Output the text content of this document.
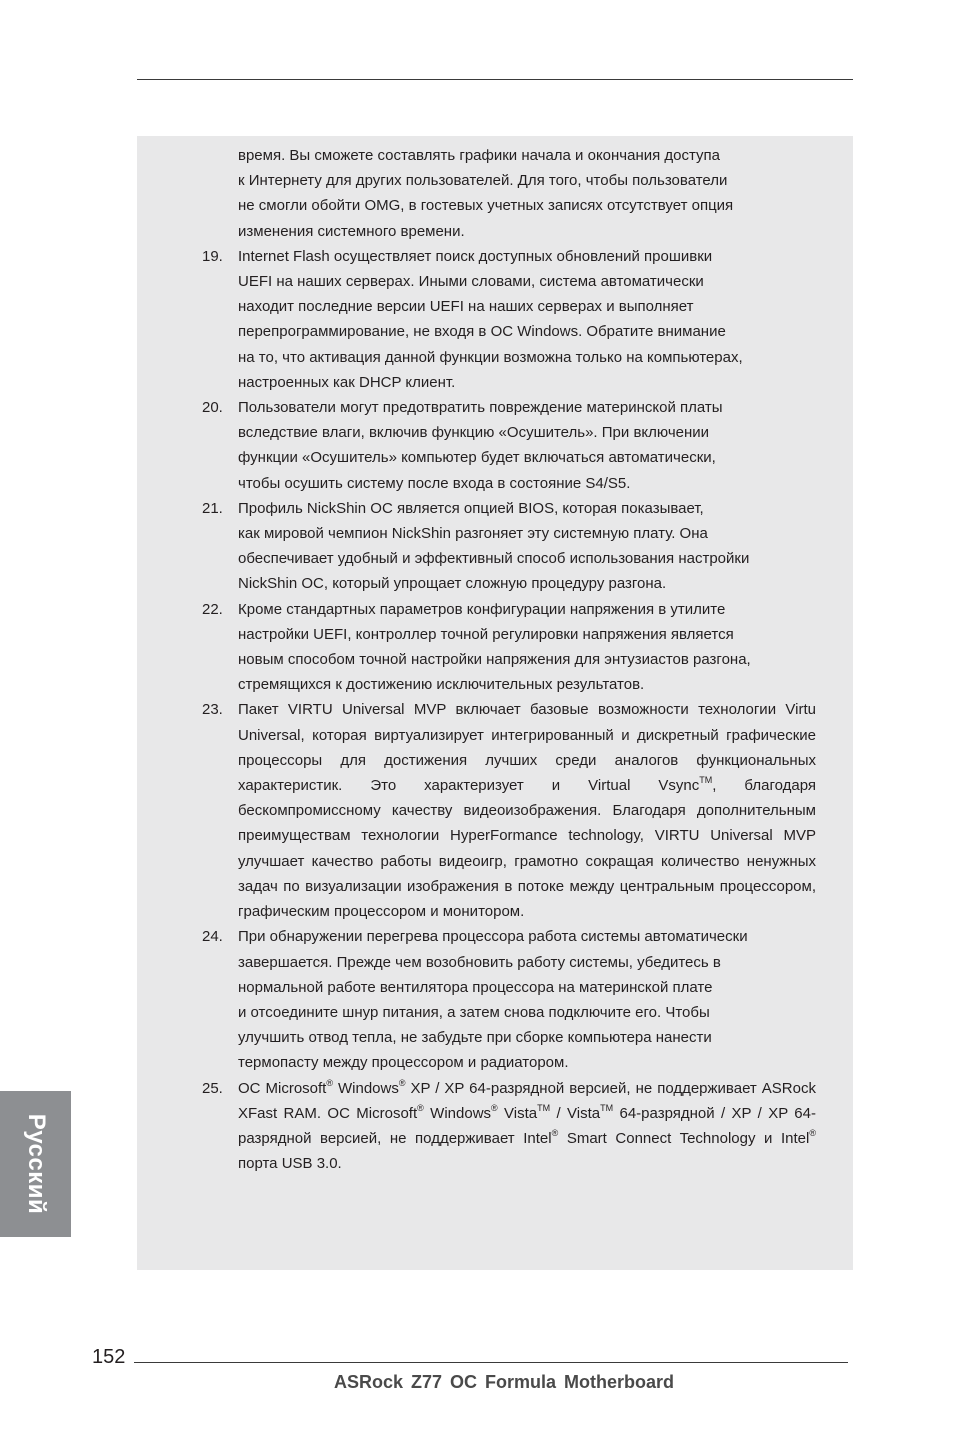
время. Вы сможете составлять графики начала и окончания доступа

к Интернету для других пользователей. Для того, чтобы пользователи

не смогли обойти OMG, в гостевых учетных записях отсутствует опция

изменения системного времени.

19. Internet Flash осуществляет поиск доступных обновлений прошивки

UEFI на наших серверах. Иными словами, система автоматически

находит последние версии UEFI на наших серверах и выполняет

перепрограммирование, не входя в ОС Windows. Обратите внимание

на то, что активация данной функции возможна только на компьютерах,

настроенных как DHCP клиент.

20. Пользователи могут предотвратить повреждение материнской платы

вследствие влаги, включив функцию «Осушитель». При включении

функции «Осушитель» компьютер будет включаться автоматически,

чтобы осушить систему после входа в состояние S4/S5.

21. Профиль NickShin OC является опцией BIOS, которая показывает,

как мировой чемпион NickShin разгоняет эту системную плату. Она

обеспечивает удобный и эффективный способ использования настройки

NickShin OC, который упрощает сложную процедуру разгона.

22. Кроме стандартных параметров конфигурации напряжения в утилите

настройки UEFI, контроллер точной регулировки напряжения является

новым способом точной настройки напряжения для энтузиастов разгона,

стремящихся к достижению исключительных результатов.

23. Пакет VIRTU Universal MVP включает базовые возможности технологии Virtu Universal, которая виртуализирует интегрированный и дискретный графические процессоры для достижения лучших среди аналогов функциональных характеристик. Это характеризует и Virtual Vsync™, благодаря бескомпромиссному качеству видеоизображения. Благодаря дополнительным преимуществам технологии HyperFormance technology, VIRTU Universal MVP улучшает качество работы видеоигр, грамотно сокращая количество ненужных задач по визуализации изображения в потоке между центральным процессором, графическим процессором и монитором.

24. При обнаружении перегрева процессора работа системы автоматически

завершается. Прежде чем возобновить работу системы, убедитесь в

нормальной работе вентилятора процессора на материнской плате

и отсоедините шнур питания, а затем снова подключите его. Чтобы

улучшить отвод тепла, не забудьте при сборке компьютера нанести

термопасту между процессором и радиатором.

25. ОС Microsoft® Windows® XP / XP 64-разрядной версией, не поддерживает ASRock XFast RAM. ОС Microsoft® Windows® Vista™ / Vista™ 64-разрядной / XP / XP 64-разрядной версией, не поддерживает Intel® Smart Connect Technology и Intel® порта USB 3.0.

Русский
152
ASRock Z77 OC Formula Motherboard
